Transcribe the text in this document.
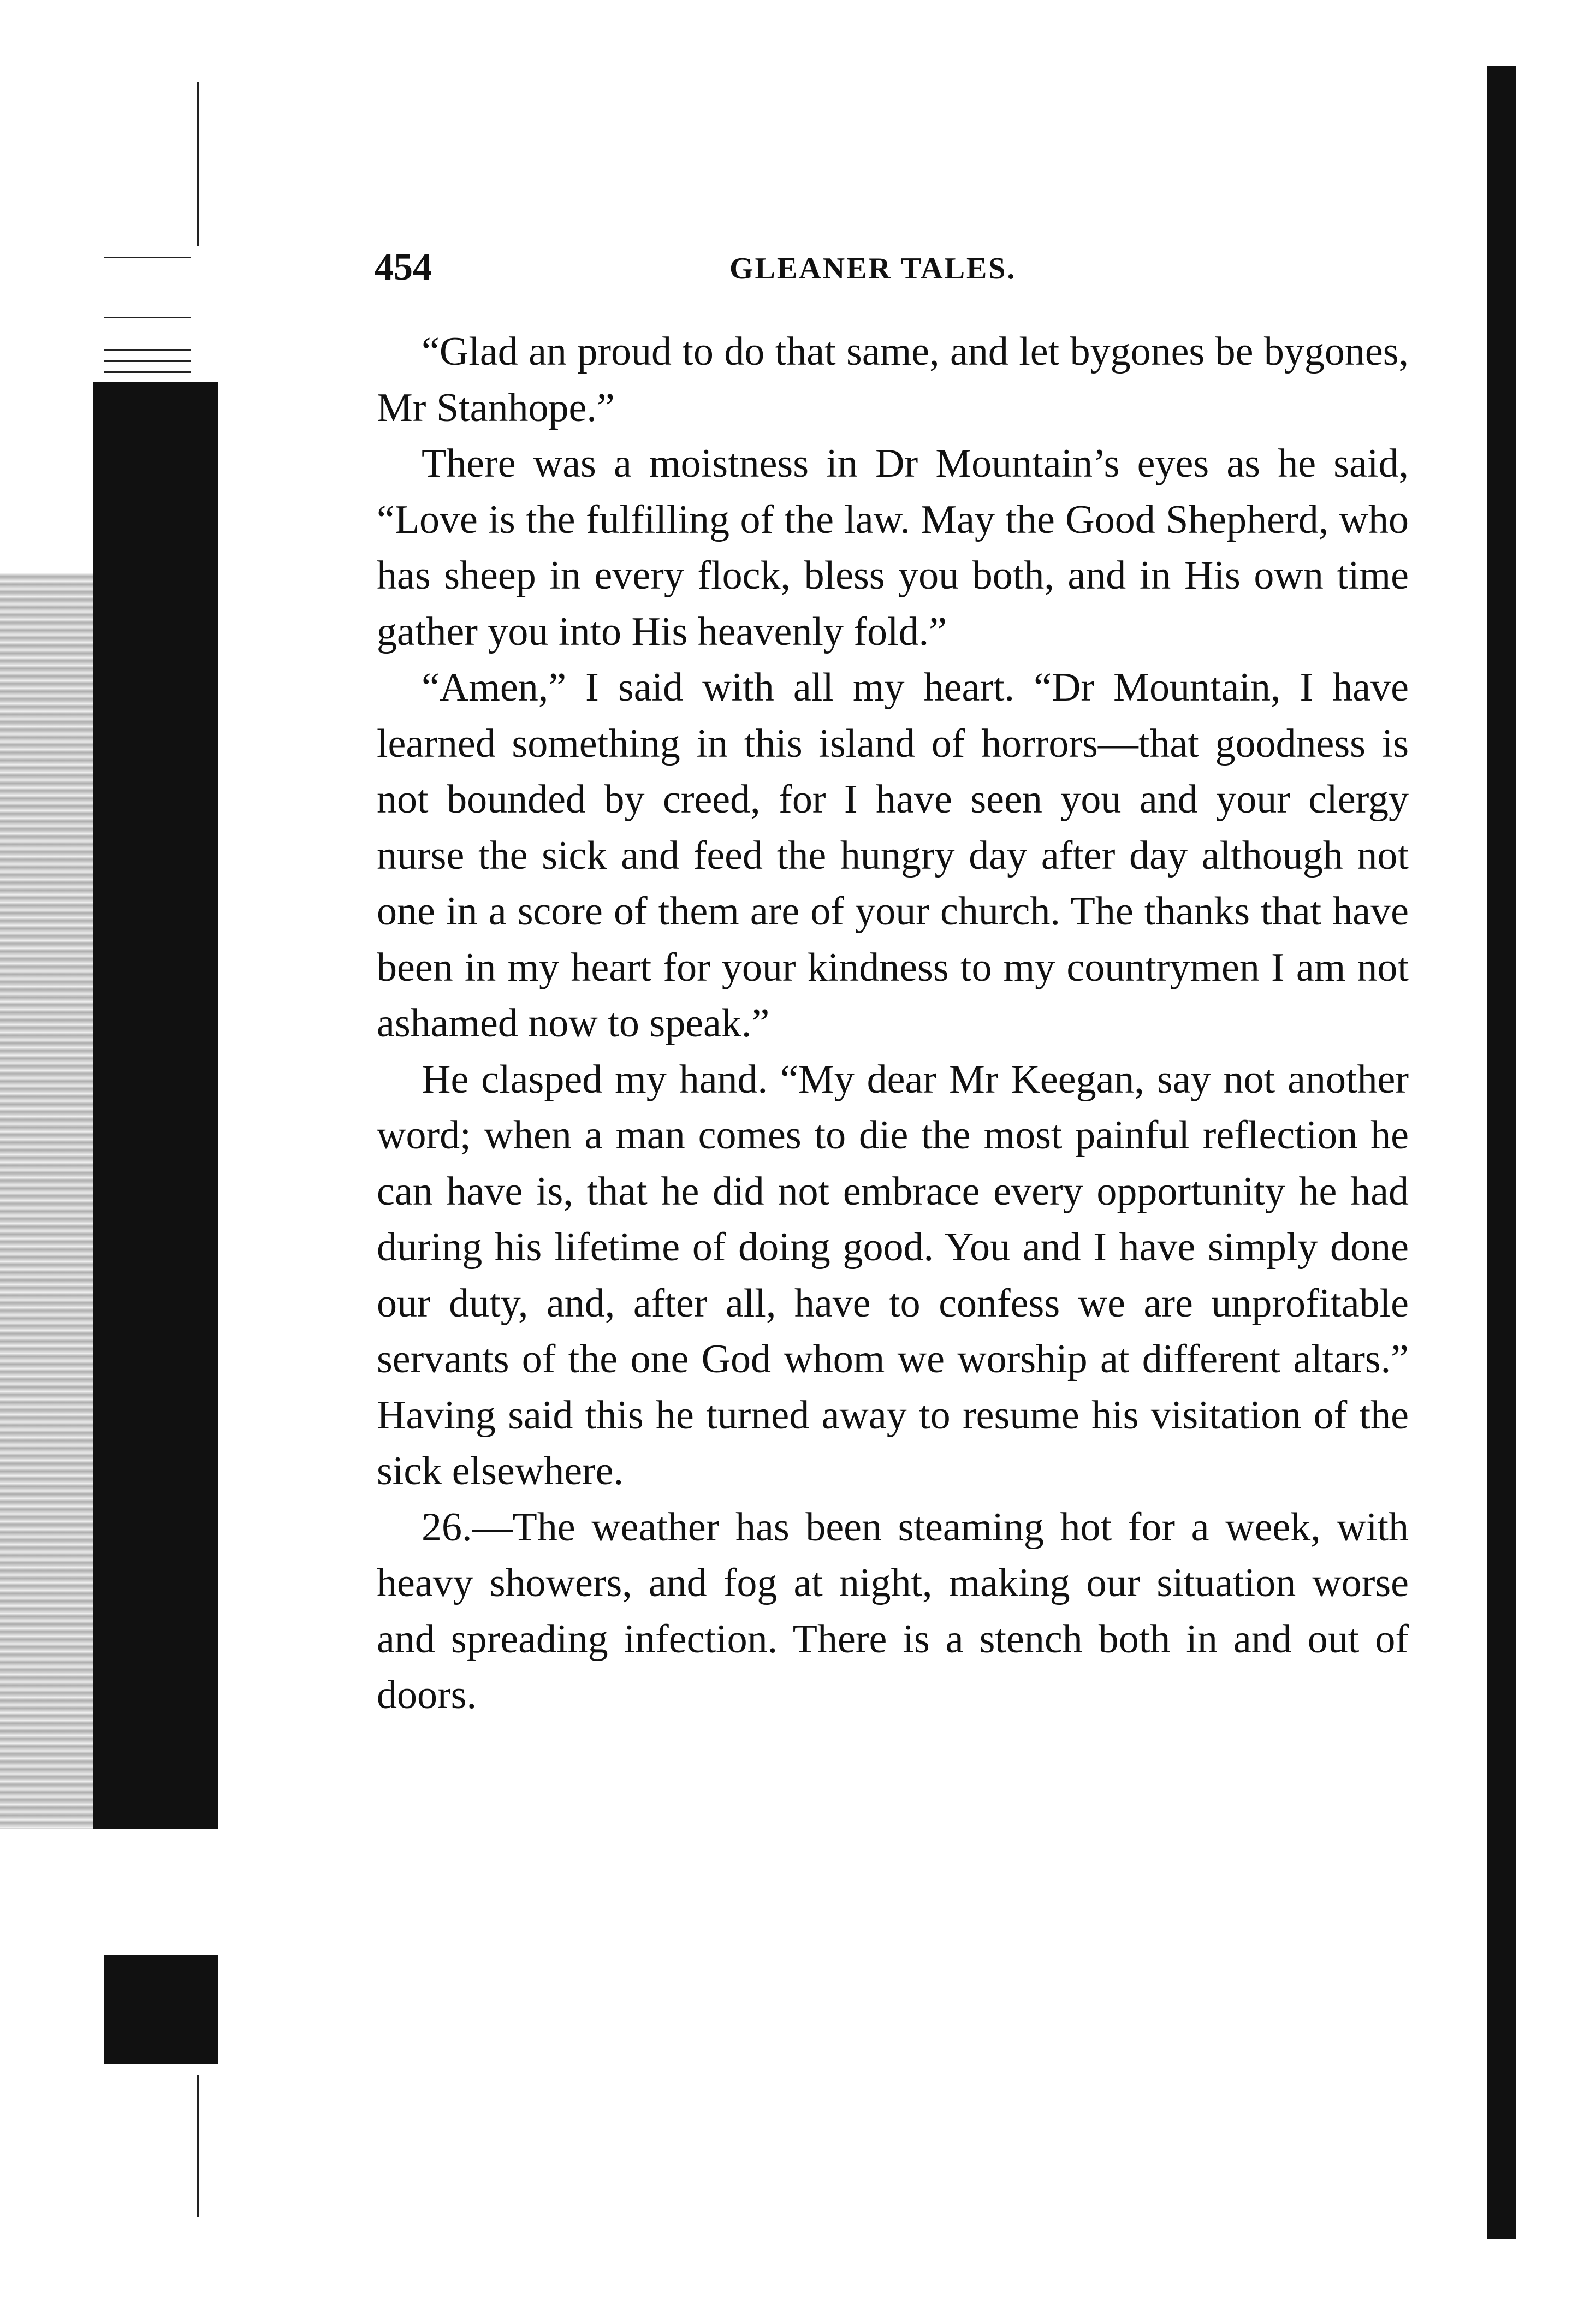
454	GLEANER TALES.

“Glad an proud to do that same, and let bygones be bygones, Mr Stanhope.”

There was a moistness in Dr Mountain’s eyes as he said, “Love is the fulfilling of the law. May the Good Shepherd, who has sheep in every flock, bless you both, and in His own time gather you into His heavenly fold.”

“Amen,” I said with all my heart. “Dr Mountain, I have learned something in this island of horrors—that goodness is not bounded by creed, for I have seen you and your clergy nurse the sick and feed the hungry day after day although not one in a score of them are of your church. The thanks that have been in my heart for your kindness to my countrymen I am not ashamed now to speak.”

He clasped my hand. “My dear Mr Keegan, say not another word; when a man comes to die the most painful reflection he can have is, that he did not embrace every opportunity he had during his lifetime of doing good. You and I have simply done our duty, and, after all, have to confess we are unprofitable servants of the one God whom we worship at different altars.” Having said this he turned away to resume his visitation of the sick elsewhere.

26.—The weather has been steaming hot for a week, with heavy showers, and fog at night, making our situation worse and spreading infection. There is a stench both in and out of doors.
